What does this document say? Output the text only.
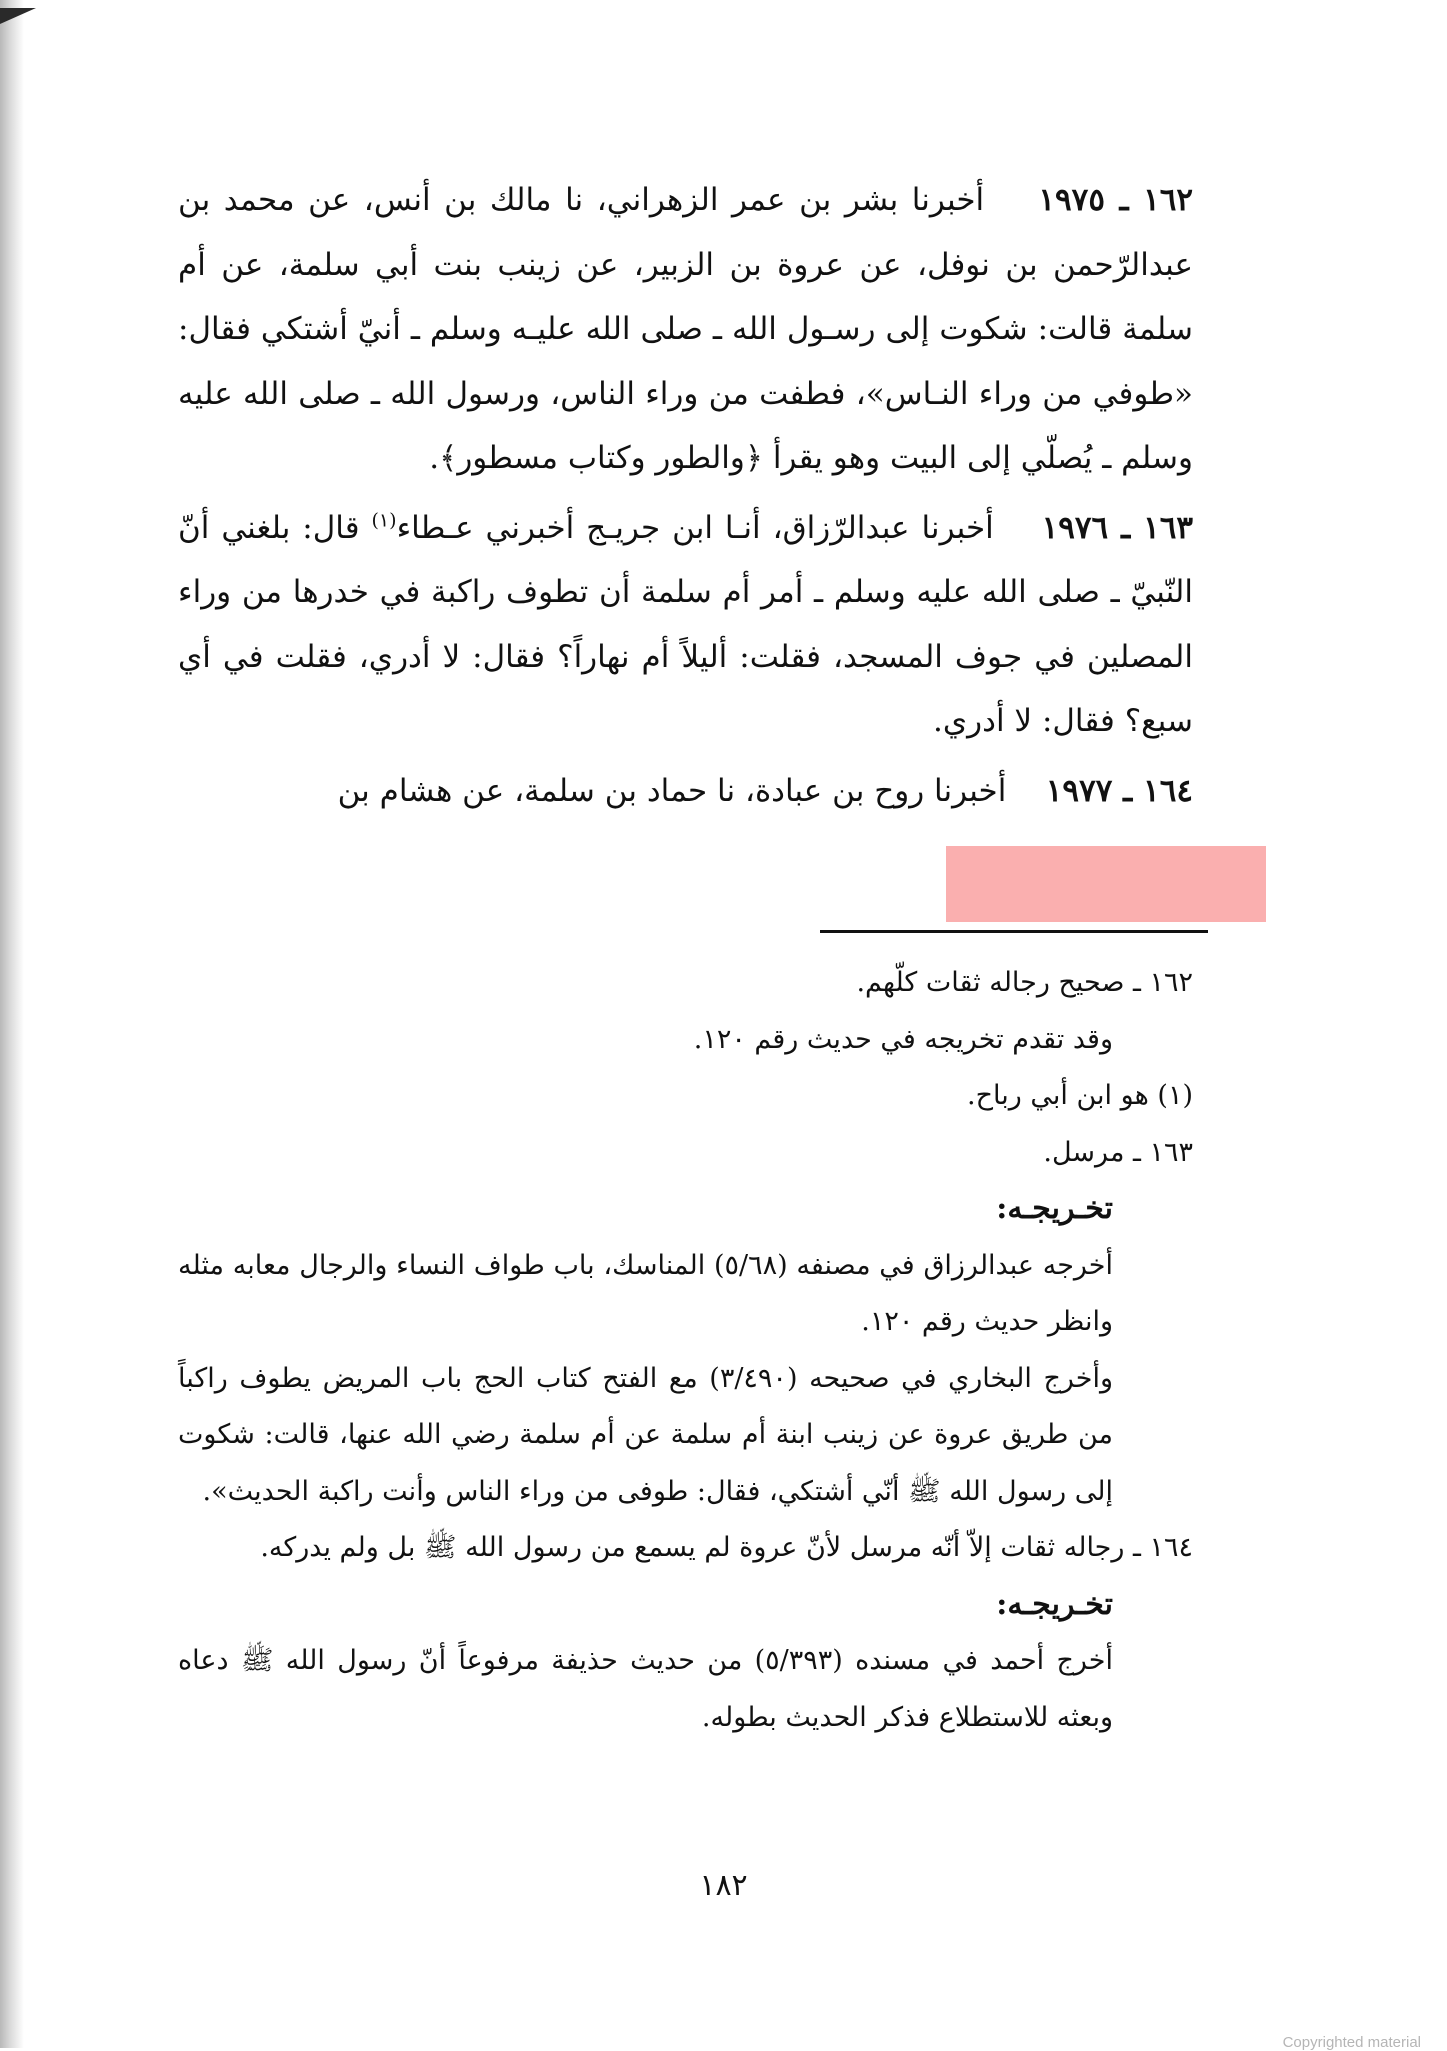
١٦٢ ـ ١٩٧٥    أخبرنا بشر بن عمر الزهراني، نا مالك بن أنس، عن محمد بن عبدالرّحمن بن نوفل، عن عروة بن الزبير، عن زينب بنت أبي سلمة، عن أم سلمة قالت: شكوت إلى رسـول الله ـ صلى الله عليـه وسلم ـ أنيّ أشتكي فقال: «طوفي من وراء النـاس»، فطفت من وراء الناس، ورسول الله ـ صلى الله عليه وسلم ـ يُصلّي إلى البيت وهو يقرأ ﴿والطور وكتاب مسطور﴾.

١٦٣ ـ ١٩٧٦    أخبرنا عبدالرّزاق، أنـا ابن جريـج أخبرني عـطاء$^{(١)}$ قال: بلغني أنّ النّبيّ ـ صلى الله عليه وسلم ـ أمر أم سلمة أن تطوف راكبة في خدرها من وراء المصلين في جوف المسجد، فقلت: أليلاً أم نهاراً؟ فقال: لا أدري، فقلت في أي سبع؟ فقال: لا أدري.

١٦٤ ـ ١٩٧٧    أخبرنا روح بن عبادة، نا حماد بن سلمة، عن هشام بن

١٦٢ ـ صحيح رجاله ثقات كلّهم.

وقد تقدم تخريجه في حديث رقم ١٢٠.

(١) هو ابن أبي رباح.

١٦٣ ـ مرسل.

تخـريجـه:

أخرجه عبدالرزاق في مصنفه (٥/٦٨) المناسك، باب طواف النساء والرجال معابه مثله وانظر حديث رقم ١٢٠.

وأخرج البخاري في صحيحه (٣/٤٩٠) مع الفتح كتاب الحج باب المريض يطوف راكباً من طريق عروة عن زينب ابنة أم سلمة عن أم سلمة رضي الله عنها، قالت: شكوت إلى رسول الله ﷺ أنّي أشتكي، فقال: طوفى من وراء الناس وأنت راكبة الحديث».

١٦٤ ـ رجاله ثقات إلاّ أنّه مرسل لأنّ عروة لم يسمع من رسول الله ﷺ بل ولم يدركه.

تخـريجـه:

أخرج أحمد في مسنده (٥/٣٩٣) من حديث حذيفة مرفوعاً أنّ رسول الله ﷺ دعاه وبعثه للاستطلاع فذكر الحديث بطوله.

١٨٢
Copyrighted material
